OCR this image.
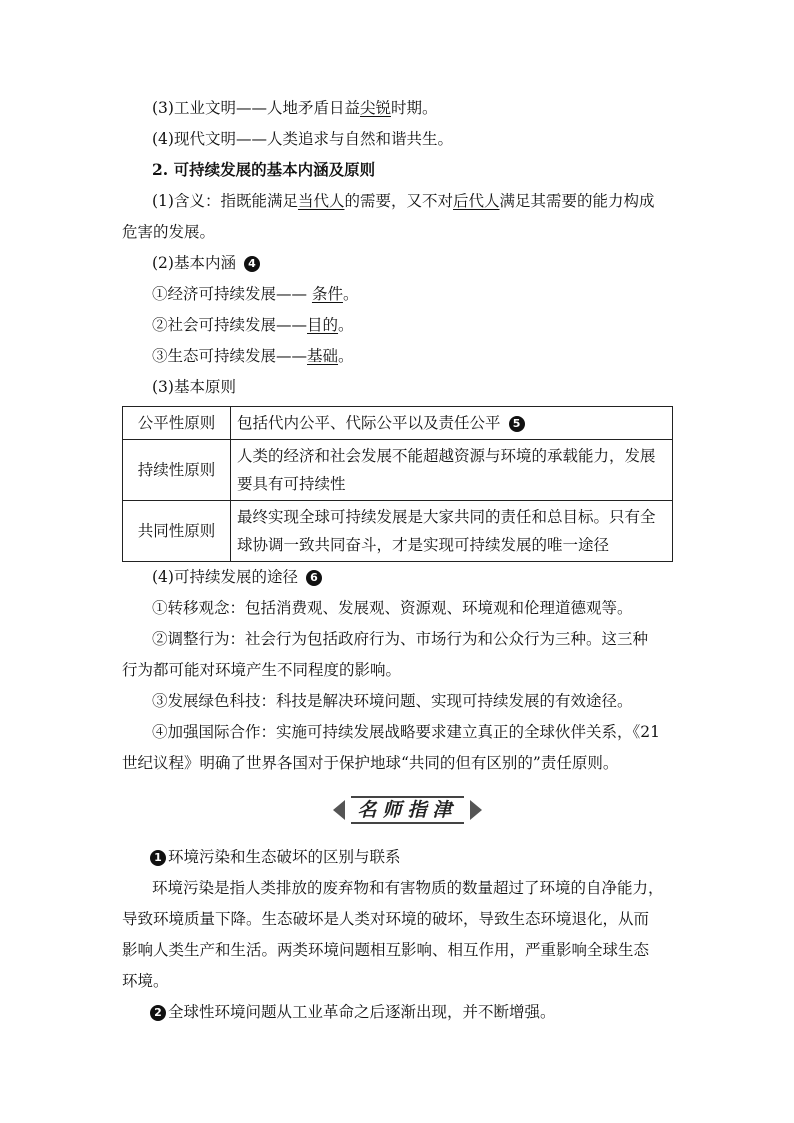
(3)工业文明——人地矛盾日益尖锐时期。
(4)现代文明——人类追求与自然和谐共生。
2. 可持续发展的基本内涵及原则
(1)含义：指既能满足当代人的需要，又不对后代人满足其需要的能力构成
危害的发展。
(2)基本内涵 4
①经济可持续发展—— 条件。
②社会可持续发展——目的。
③生态可持续发展——基础。
(3)基本原则
公平性原则	包括代内公平、代际公平以及责任公平 5
持续性原则	人类的经济和社会发展不能超越资源与环境的承载能力，发展
要具有可持续性
共同性原则	最终实现全球可持续发展是大家共同的责任和总目标。只有全
球协调一致共同奋斗，才是实现可持续发展的唯一途径
(4)可持续发展的途径 6
①转移观念：包括消费观、发展观、资源观、环境观和伦理道德观等。
②调整行为：社会行为包括政府行为、市场行为和公众行为三种。这三种
行为都可能对环境产生不同程度的影响。
③发展绿色科技：科技是解决环境问题、实现可持续发展的有效途径。
④加强国际合作：实施可持续发展战略要求建立真正的全球伙伴关系，《21
世纪议程》明确了世界各国对于保护地球“共同的但有区别的”责任原则。
名师指津
1 环境污染和生态破坏的区别与联系
环境污染是指人类排放的废弃物和有害物质的数量超过了环境的自净能力，
导致环境质量下降。生态破坏是人类对环境的破坏，导致生态环境退化，从而
影响人类生产和生活。两类环境问题相互影响、相互作用，严重影响全球生态
环境。
2 全球性环境问题从工业革命之后逐渐出现，并不断增强。
